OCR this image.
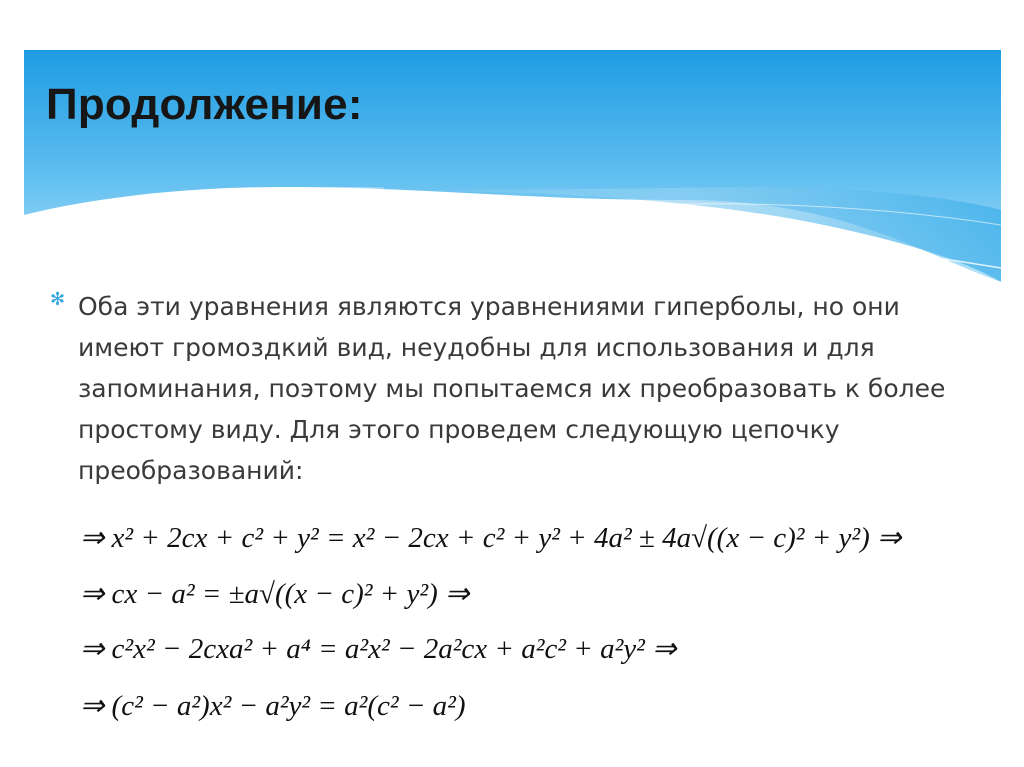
Продолжение:
✻ Оба эти уравнения являются уравнениями гиперболы, но они имеют громоздкий вид, неудобны для использования и для запоминания, поэтому мы попытаемся их преобразовать к более простому виду. Для этого проведем следующую цепочку преобразований:

⇒ x² + 2cx + c² + y² = x² − 2cx + c² + y² + 4a² ± 4a√((x − c)² + y²) ⇒
⇒ cx − a² = ±a√((x − c)² + y²) ⇒
⇒ c²x² − 2cxa² + a⁴ = a²x² − 2a²cx + a²c² + a²y² ⇒
⇒ (c² − a²)x² − a²y² = a²(c² − a²)
